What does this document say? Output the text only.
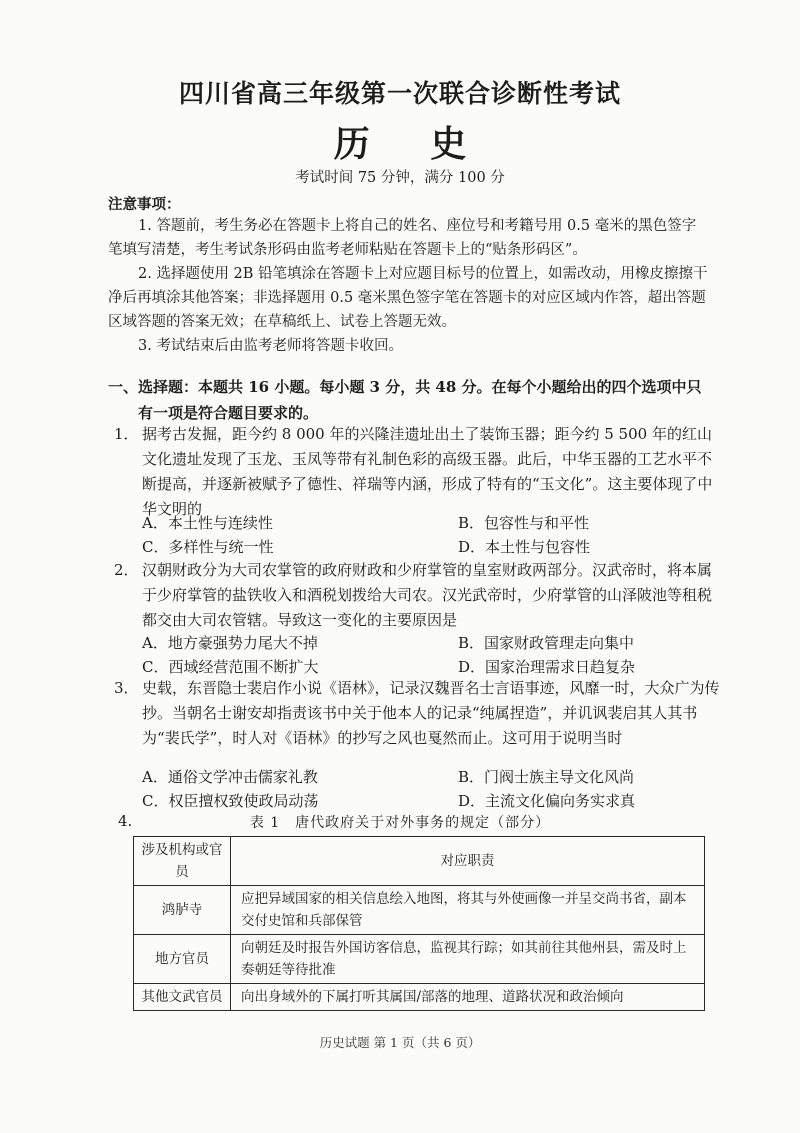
四川省高三年级第一次联合诊断性考试
历 史
考试时间 75 分钟，满分 100 分
注意事项：

1. 答题前，考生务必在答题卡上将自己的姓名、座位号和考籍号用 0.5 毫米的黑色签字笔填写清楚，考生考试条形码由监考老师粘贴在答题卡上的“贴条形码区”。

2. 选择题使用 2B 铅笔填涂在答题卡上对应题目标号的位置上，如需改动，用橡皮擦擦干净后再填涂其他答案；非选择题用 0.5 毫米黑色签字笔在答题卡的对应区域内作答，超出答题区域答题的答案无效；在草稿纸上、试卷上答题无效。

3. 考试结束后由监考老师将答题卡收回。

一、选择题：本题共 16 小题。每小题 3 分，共 48 分。在每个小题给出的四个选项中只
有一项是符合题目要求的。

1． 据考古发掘，距今约 8 000 年的兴隆洼遗址出土了装饰玉器；距今约 5 500 年的红山文化遗址发现了玉龙、玉凤等带有礼制色彩的高级玉器。此后，中华玉器的工艺水平不断提高，并逐新被赋予了德性、祥瑞等内涵，形成了特有的“玉文化”。这主要体现了中华文明的

A．本土性与连续性	B．包容性与和平性
C．多样性与统一性	D．本土性与包容性

2． 汉朝财政分为大司农掌管的政府财政和少府掌管的皇室财政两部分。汉武帝时，将本属于少府掌管的盐铁收入和酒税划拨给大司农。汉光武帝时，少府掌管的山泽陂池等租税都交由大司农管辖。导致这一变化的主要原因是

A．地方豪强势力尾大不掉	B．国家财政管理走向集中
C．西域经营范围不断扩大	D．国家治理需求日趋复杂

3． 史载，东晋隐士裴启作小说《语林》，记录汉魏晋名士言语事迹，风靡一时，大众广为传抄。当朝名士谢安却指责该书中关于他本人的记录“纯属捏造”，并讥讽裴启其人其书为“裴氏学”，时人对《语林》的抄写之风也戛然而止。这可用于说明当时

A．通俗文学冲击儒家礼教	B．门阀士族主导文化风尚
C．权臣擅权致使政局动荡	D．主流文化偏向务实求真
4.	表 1　唐代政府关于对外事务的规定（部分）
涉及机构或官员	对应职责
鸿胪寺	应把异域国家的相关信息绘入地图，将其与外使画像一并呈交尚书省，副本交付史馆和兵部保管
地方官员	向朝廷及时报告外国访客信息，监视其行踪；如其前往其他州县，需及时上奏朝廷等待批准
其他文武官员	向出身域外的下属打听其属国/部落的地理、道路状况和政治倾向
历史试题 第 1 页（共 6 页）
